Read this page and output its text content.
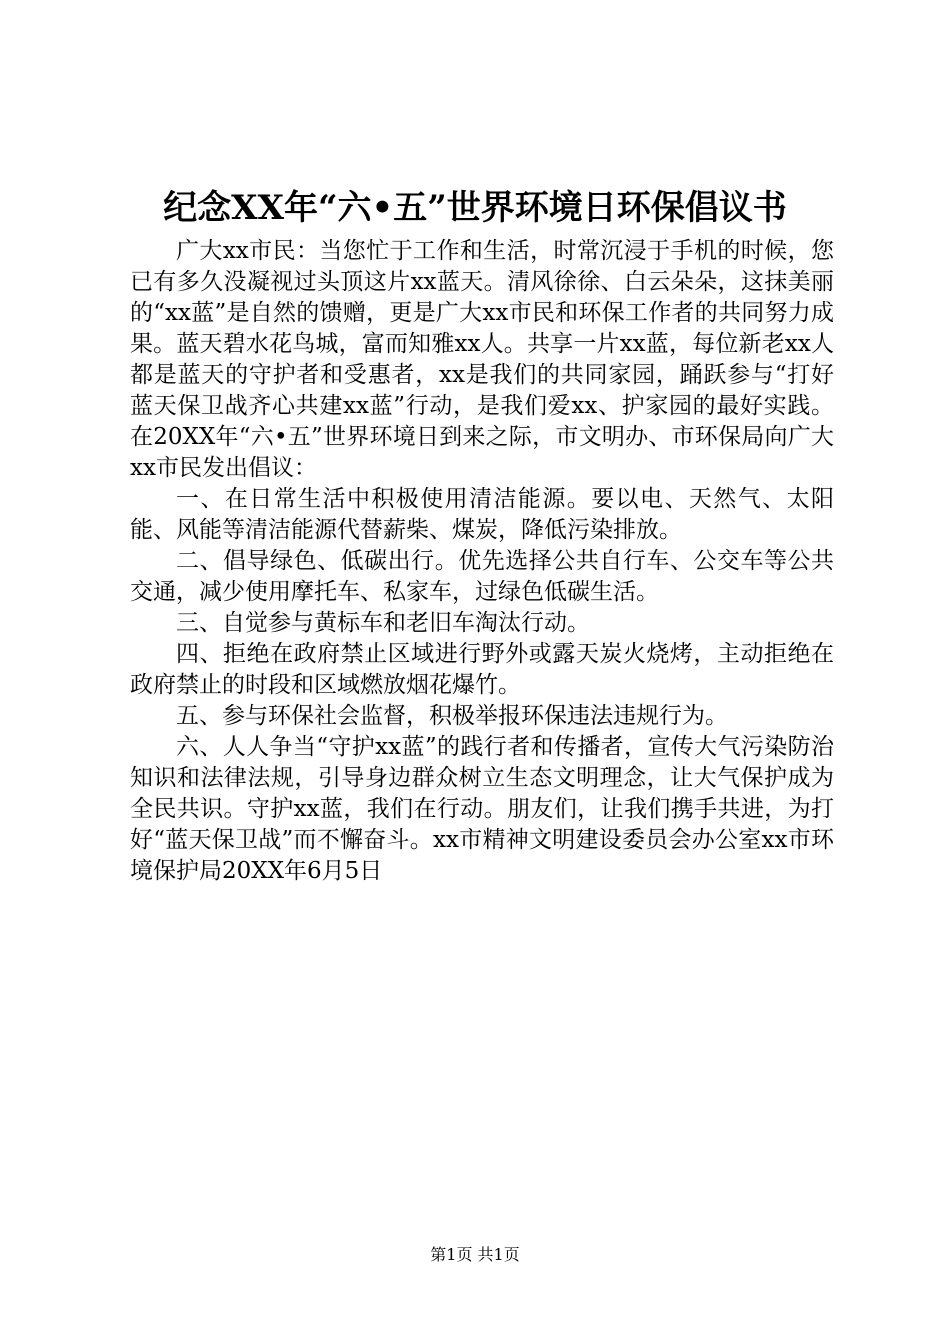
纪念XX年“六•五”世界环境日环保倡议书

广大xx市民：当您忙于工作和生活，时常沉浸于手机的时候，您已有多久没凝视过头顶这片xx蓝天。清风徐徐、白云朵朵，这抹美丽的“xx蓝”是自然的馈赠，更是广大xx市民和环保工作者的共同努力成果。蓝天碧水花鸟城，富而知雅xx人。共享一片xx蓝，每位新老xx人都是蓝天的守护者和受惠者，xx是我们的共同家园，踊跃参与“打好蓝天保卫战齐心共建xx蓝”行动，是我们爱xx、护家园的最好实践。在20XX年“六•五”世界环境日到来之际，市文明办、市环保局向广大xx市民发出倡议：

一、在日常生活中积极使用清洁能源。要以电、天然气、太阳能、风能等清洁能源代替薪柴、煤炭，降低污染排放。

二、倡导绿色、低碳出行。优先选择公共自行车、公交车等公共交通，减少使用摩托车、私家车，过绿色低碳生活。

三、自觉参与黄标车和老旧车淘汰行动。

四、拒绝在政府禁止区域进行野外或露天炭火烧烤，主动拒绝在政府禁止的时段和区域燃放烟花爆竹。

五、参与环保社会监督，积极举报环保违法违规行为。

六、人人争当“守护xx蓝”的践行者和传播者，宣传大气污染防治知识和法律法规，引导身边群众树立生态文明理念，让大气保护成为全民共识。守护xx蓝，我们在行动。朋友们，让我们携手共进，为打好“蓝天保卫战”而不懈奋斗。xx市精神文明建设委员会办公室xx市环境保护局20XX年6月5日

第1页 共1页
